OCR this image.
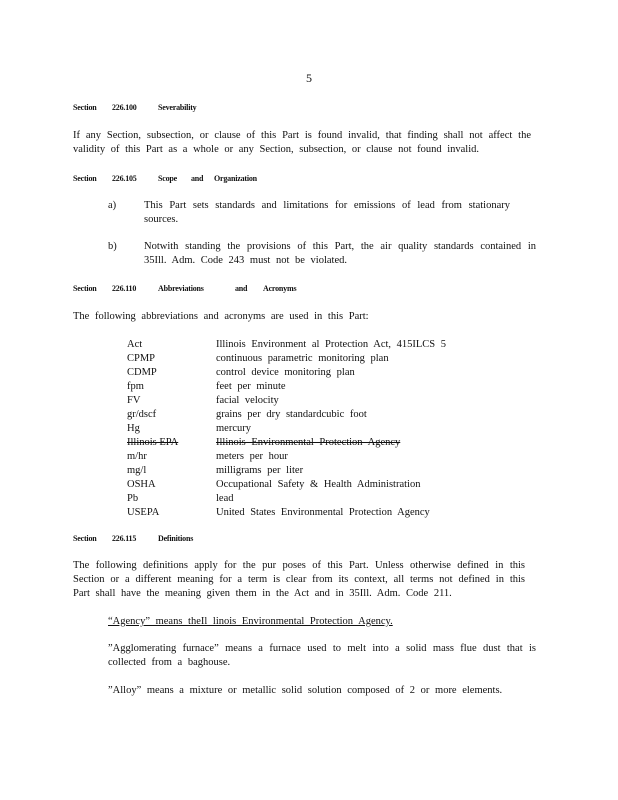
5
Section 226.100	Severability
If any Section, subsection, or clause of this Part is found invalid, that finding shall not affect the validity of this Part as a whole or any Section, subsection, or clause not found invalid.
Section 226.105	Scope and Organization
a)	This Part sets standards and limitations for emissions of lead from stationary sources.
b)	Notwith standing the provisions of this Part, the air quality standards contained in 35Ill. Adm. Code 243 must not be violated.
Section 226.110	Abbreviations	and Acronyms
The following abbreviations and acronyms are used in this Part:
Act	Illinois Environment al Protection Act, 415ILCS 5
CPMP	continuous parametric monitoring plan
CDMP	control device monitoring plan
fpm	feet per minute
FV	facial velocity
gr/dscf	grains per dry standardcubic foot
Hg	mercury
Illinois EPA	Illinois Environmental Protection Agency
m/hr	meters per hour
mg/l	milligrams per liter
OSHA	Occupational Safety & Health Administration
Pb	lead
USEPA	United States Environmental Protection Agency
Section 226.115	Definitions
The following definitions apply for the pur poses of this Part. Unless otherwise defined in this Section or a different meaning for a term is clear from its context, all terms not defined in this Part shall have the meaning given them in the Act and in 35Ill. Adm. Code 211.
“Agency” means theIl linois Environmental Protection Agency.
”Agglomerating furnace” means a furnace used to melt into a solid mass flue dust that is collected from a baghouse.
”Alloy” means a mixture or metallic solid solution composed of 2 or more elements.
